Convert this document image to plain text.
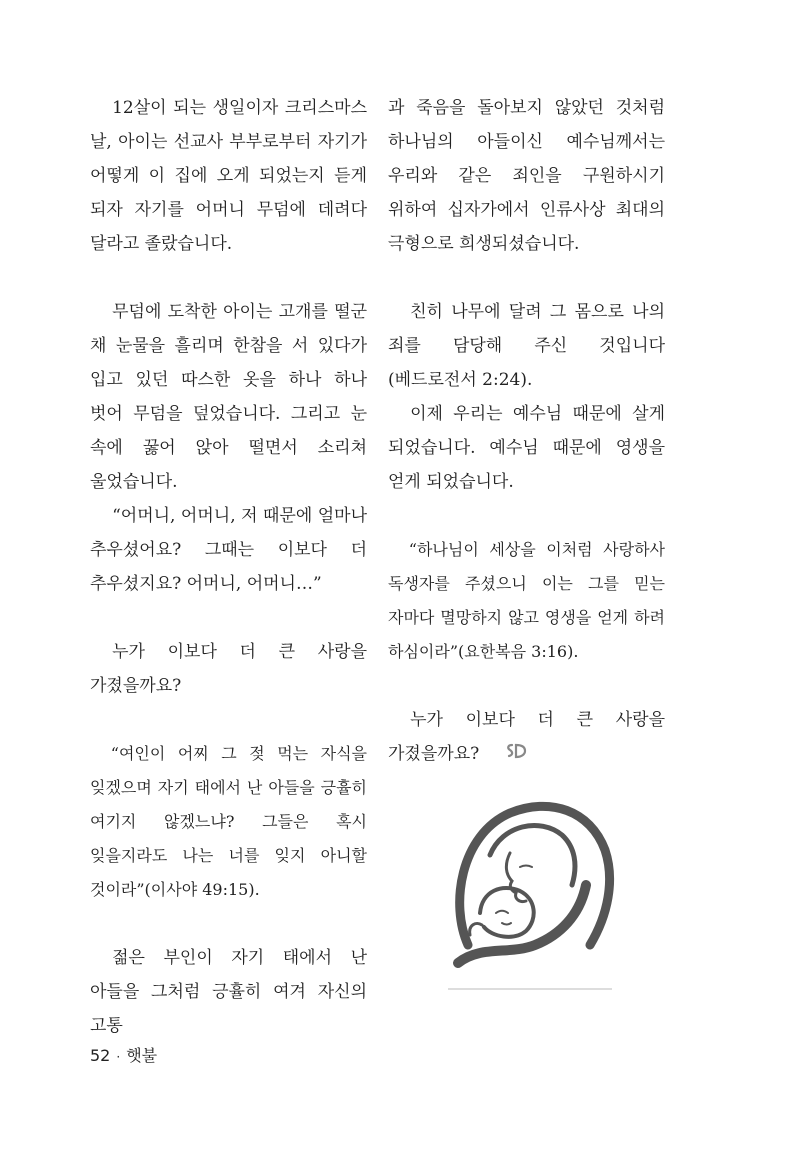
12살이 되는 생일이자 크리스마스 날, 아이는 선교사 부부로부터 자기가 어떻게 이 집에 오게 되었는지 듣게 되자 자기를 어머니 무덤에 데려다 달라고 졸랐습니다.

무덤에 도착한 아이는 고개를 떨군 채 눈물을 흘리며 한참을 서 있다가 입고 있던 따스한 옷을 하나 하나 벗어 무덤을 덮었습니다. 그리고 눈 속에 꿇어 앉아 떨면서 소리쳐 울었습니다.

“어머니, 어머니, 저 때문에 얼마나 추우셨어요? 그때는 이보다 더 추우셨지요? 어머니, 어머니…”

누가 이보다 더 큰 사랑을 가졌을까요?

“여인이 어찌 그 젖 먹는 자식을 잊겠으며 자기 태에서 난 아들을 긍휼히 여기지 않겠느냐? 그들은 혹시 잊을지라도 나는 너를 잊지 아니할 것이라”(이사야 49:15).

젊은 부인이 자기 태에서 난 아들을 그처럼 긍휼히 여겨 자신의 고통

과 죽음을 돌아보지 않았던 것처럼 하나님의 아들이신 예수님께서는 우리와 같은 죄인을 구원하시기 위하여 십자가에서 인류사상 최대의 극형으로 희생되셨습니다.

친히 나무에 달려 그 몸으로 나의 죄를 담당해 주신 것입니다(베드로전서 2:24).

이제 우리는 예수님 때문에 살게 되었습니다. 예수님 때문에 영생을 얻게 되었습니다.

“하나님이 세상을 이처럼 사랑하사 독생자를 주셨으니 이는 그를 믿는 자마다 멸망하지 않고 영생을 얻게 하려 하심이라”(요한복음 3:16).

누가 이보다 더 큰 사랑을 가졌을까요?

52 · 햇불
